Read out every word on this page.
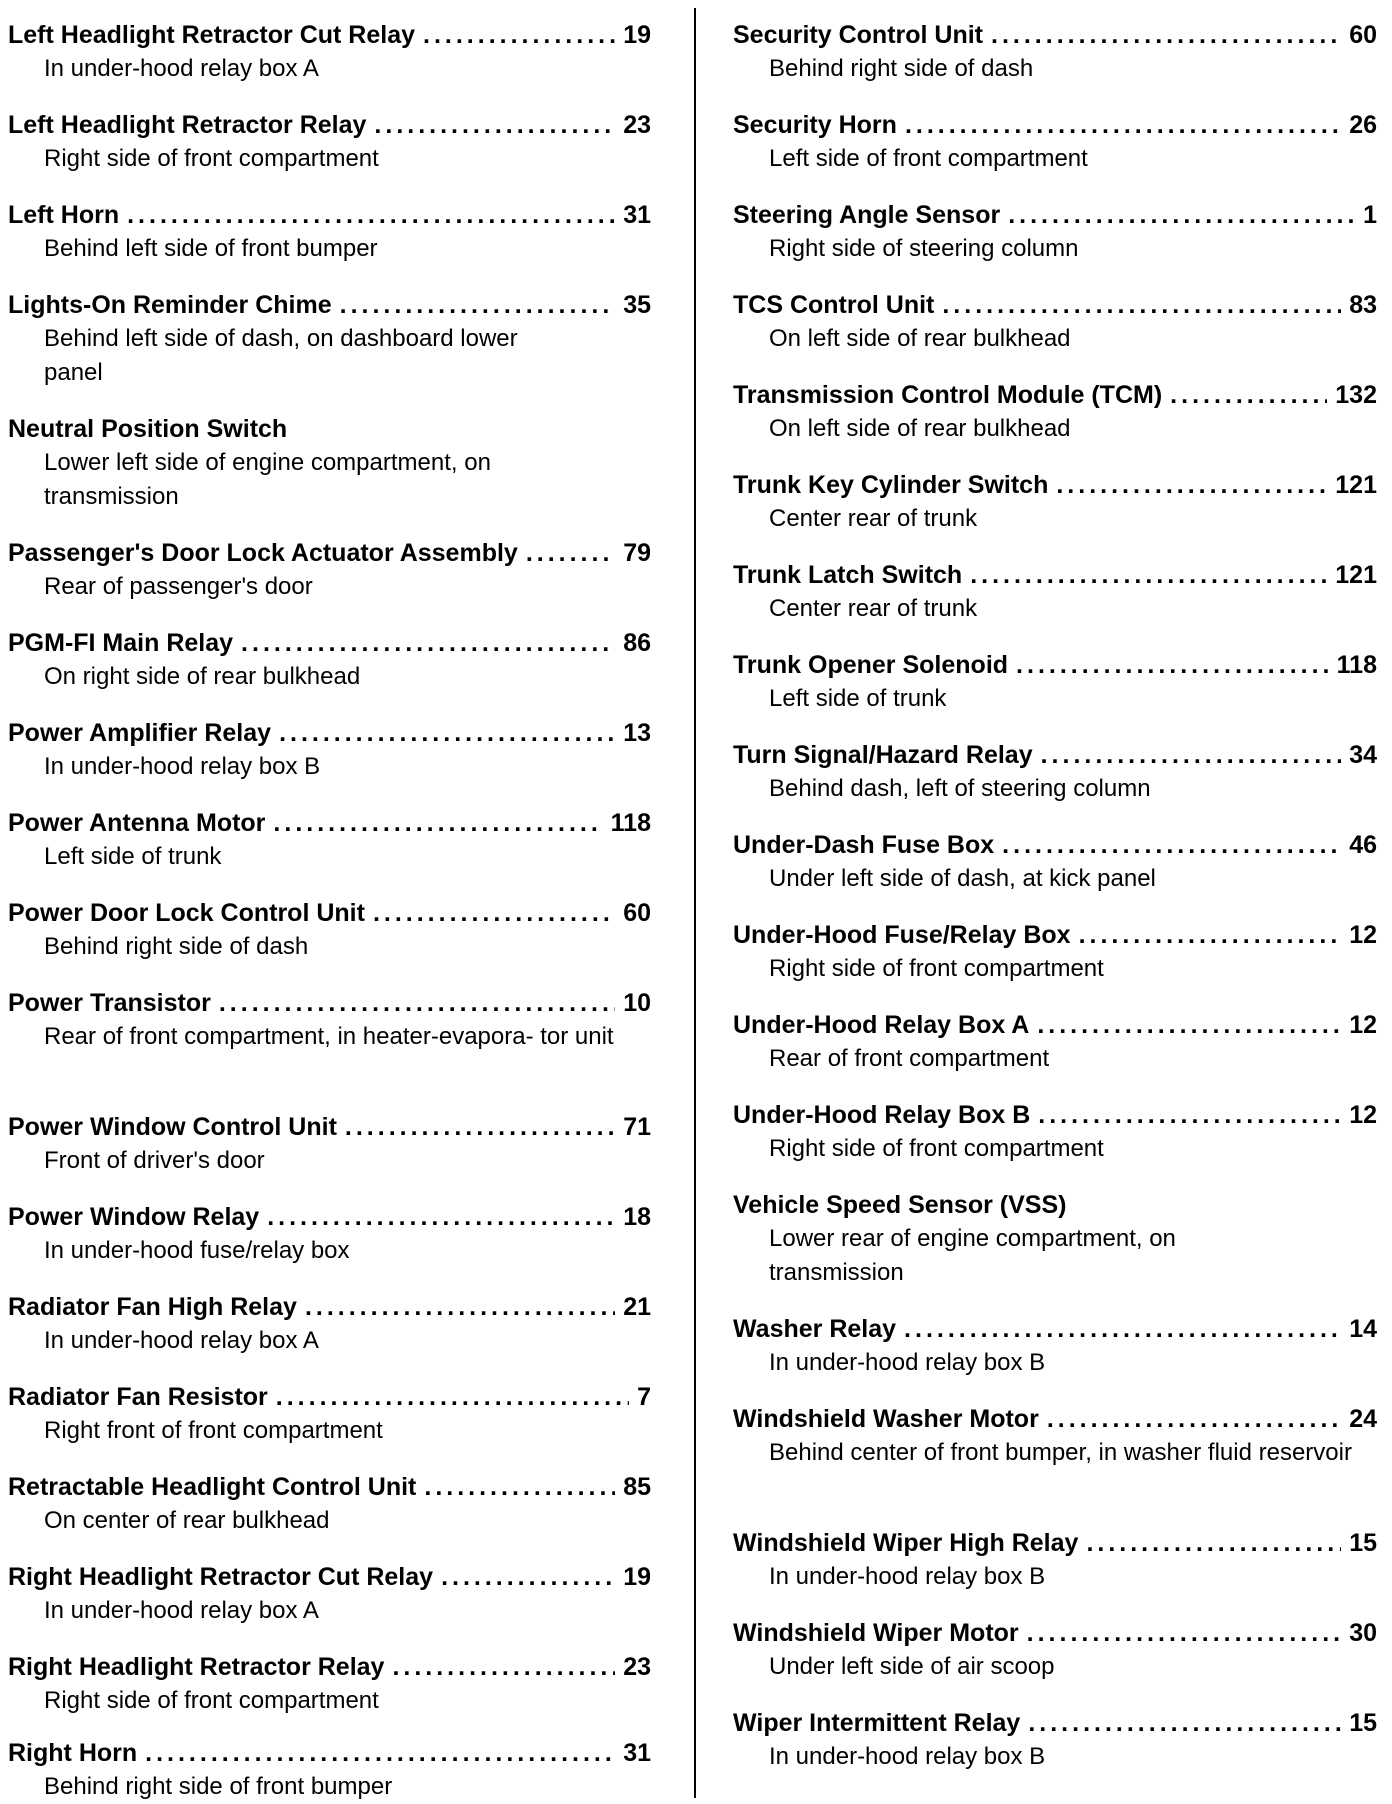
Left Headlight Retractor Cut Relay .....	19
In under-hood relay box A
Left Headlight Retractor Relay .....	23
Right side of front compartment
Left Horn .....	31
Behind left side of front bumper
Lights-On Reminder Chime .....	35
Behind left side of dash, on dashboard lower panel
Neutral Position Switch
Lower left side of engine compartment, on transmission
Passenger's Door Lock Actuator Assembly .....	79
Rear of passenger's door
PGM-FI Main Relay .....	86
On right side of rear bulkhead
Power Amplifier Relay .....	13
In under-hood relay box B
Power Antenna Motor .....	118
Left side of trunk
Power Door Lock Control Unit .....	60
Behind right side of dash
Power Transistor .....	10
Rear of front compartment, in heater-evapora- tor unit
Power Window Control Unit .....	71
Front of driver's door
Power Window Relay .....	18
In under-hood fuse/relay box
Radiator Fan High Relay .....	21
In under-hood relay box A
Radiator Fan Resistor .....	7
Right front of front compartment
Retractable Headlight Control Unit .....	85
On center of rear bulkhead
Right Headlight Retractor Cut Relay .....	19
In under-hood relay box A
Right Headlight Retractor Relay .....	23
Right side of front compartment
Right Horn .....	31
Behind right side of front bumper
Security Control Unit .....	60
Behind right side of dash
Security Horn .....	26
Left side of front compartment
Steering Angle Sensor .....	1
Right side of steering column
TCS Control Unit .....	83
On left side of rear bulkhead
Transmission Control Module (TCM) .....	132
On left side of rear bulkhead
Trunk Key Cylinder Switch .....	121
Center rear of trunk
Trunk Latch Switch .....	121
Center rear of trunk
Trunk Opener Solenoid .....	118
Left side of trunk
Turn Signal/Hazard Relay .....	34
Behind dash, left of steering column
Under-Dash Fuse Box .....	46
Under left side of dash, at kick panel
Under-Hood Fuse/Relay Box .....	12
Right side of front compartment
Under-Hood Relay Box A .....	12
Rear of front compartment
Under-Hood Relay Box B .....	12
Right side of front compartment
Vehicle Speed Sensor (VSS)
Lower rear of engine compartment, on transmission
Washer Relay .....	14
In under-hood relay box B
Windshield Washer Motor .....	24
Behind center of front bumper, in washer fluid reservoir
Windshield Wiper High Relay .....	15
In under-hood relay box B
Windshield Wiper Motor .....	30
Under left side of air scoop
Wiper Intermittent Relay .....	15
In under-hood relay box B
